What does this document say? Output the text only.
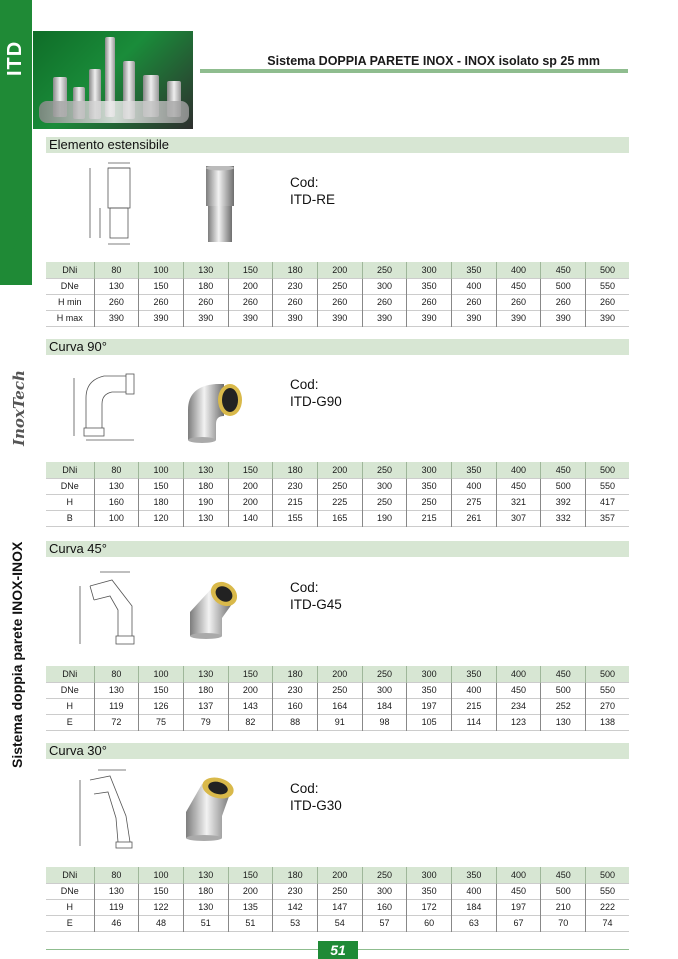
ITD
InoxTech
Sistema doppia parete INOX-INOX
Sistema DOPPIA PARETE INOX - INOX isolato sp 25 mm
Elemento estensibile
Cod:
ITD-RE
DNi	80	100	130	150	180	200	250	300	350	400	450	500
DNe	130	150	180	200	230	250	300	350	400	450	500	550
H min	260	260	260	260	260	260	260	260	260	260	260	260
H max	390	390	390	390	390	390	390	390	390	390	390	390
Curva 90°
Cod:
ITD-G90
DNi	80	100	130	150	180	200	250	300	350	400	450	500
DNe	130	150	180	200	230	250	300	350	400	450	500	550
H	160	180	190	200	215	225	250	250	275	321	392	417
B	100	120	130	140	155	165	190	215	261	307	332	357
Curva 45°
Cod:
ITD-G45
DNi	80	100	130	150	180	200	250	300	350	400	450	500
DNe	130	150	180	200	230	250	300	350	400	450	500	550
H	119	126	137	143	160	164	184	197	215	234	252	270
E	72	75	79	82	88	91	98	105	114	123	130	138
Curva 30°
Cod:
ITD-G30
DNi	80	100	130	150	180	200	250	300	350	400	450	500
DNe	130	150	180	200	230	250	300	350	400	450	500	550
H	119	122	130	135	142	147	160	172	184	197	210	222
E	46	48	51	51	53	54	57	60	63	67	70	74
51
